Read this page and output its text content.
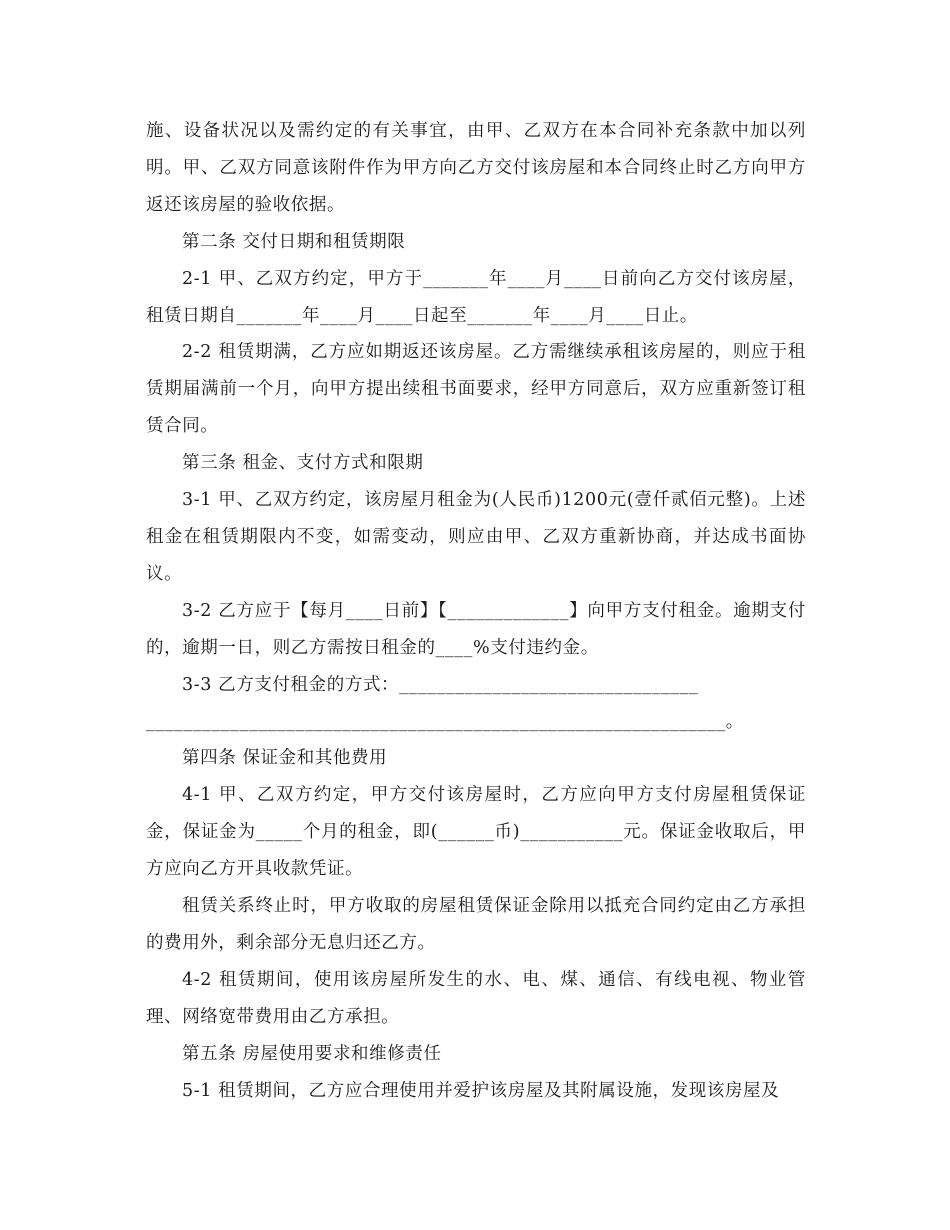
施、设备状况以及需约定的有关事宜，由甲、乙双方在本合同补充条款中加以列明。甲、乙双方同意该附件作为甲方向乙方交付该房屋和本合同终止时乙方向甲方返还该房屋的验收依据。

第二条 交付日期和租赁期限

2-1 甲、乙双方约定，甲方于_______年____月____日前向乙方交付该房屋，租赁日期自_______年____月____日起至_______年____月____日止。

2-2 租赁期满，乙方应如期返还该房屋。乙方需继续承租该房屋的，则应于租赁期届满前一个月，向甲方提出续租书面要求，经甲方同意后，双方应重新签订租赁合同。

第三条 租金、支付方式和限期

3-1 甲、乙双方约定，该房屋月租金为(人民币)1200元(壹仟贰佰元整)。上述租金在租赁期限内不变，如需变动，则应由甲、乙双方重新协商，并达成书面协议。

3-2 乙方应于【每月____日前】【_____________】向甲方支付租金。逾期支付的，逾期一日，则乙方需按日租金的____%支付违约金。

3-3 乙方支付租金的方式：________________________________

______________________________________________________________。

第四条 保证金和其他费用

4-1 甲、乙双方约定，甲方交付该房屋时，乙方应向甲方支付房屋租赁保证金，保证金为_____个月的租金，即(______币)___________元。保证金收取后，甲方应向乙方开具收款凭证。

租赁关系终止时，甲方收取的房屋租赁保证金除用以抵充合同约定由乙方承担的费用外，剩余部分无息归还乙方。

4-2 租赁期间，使用该房屋所发生的水、电、煤、通信、有线电视、物业管理、网络宽带费用由乙方承担。

第五条 房屋使用要求和维修责任

5-1 租赁期间，乙方应合理使用并爱护该房屋及其附属设施，发现该房屋及
